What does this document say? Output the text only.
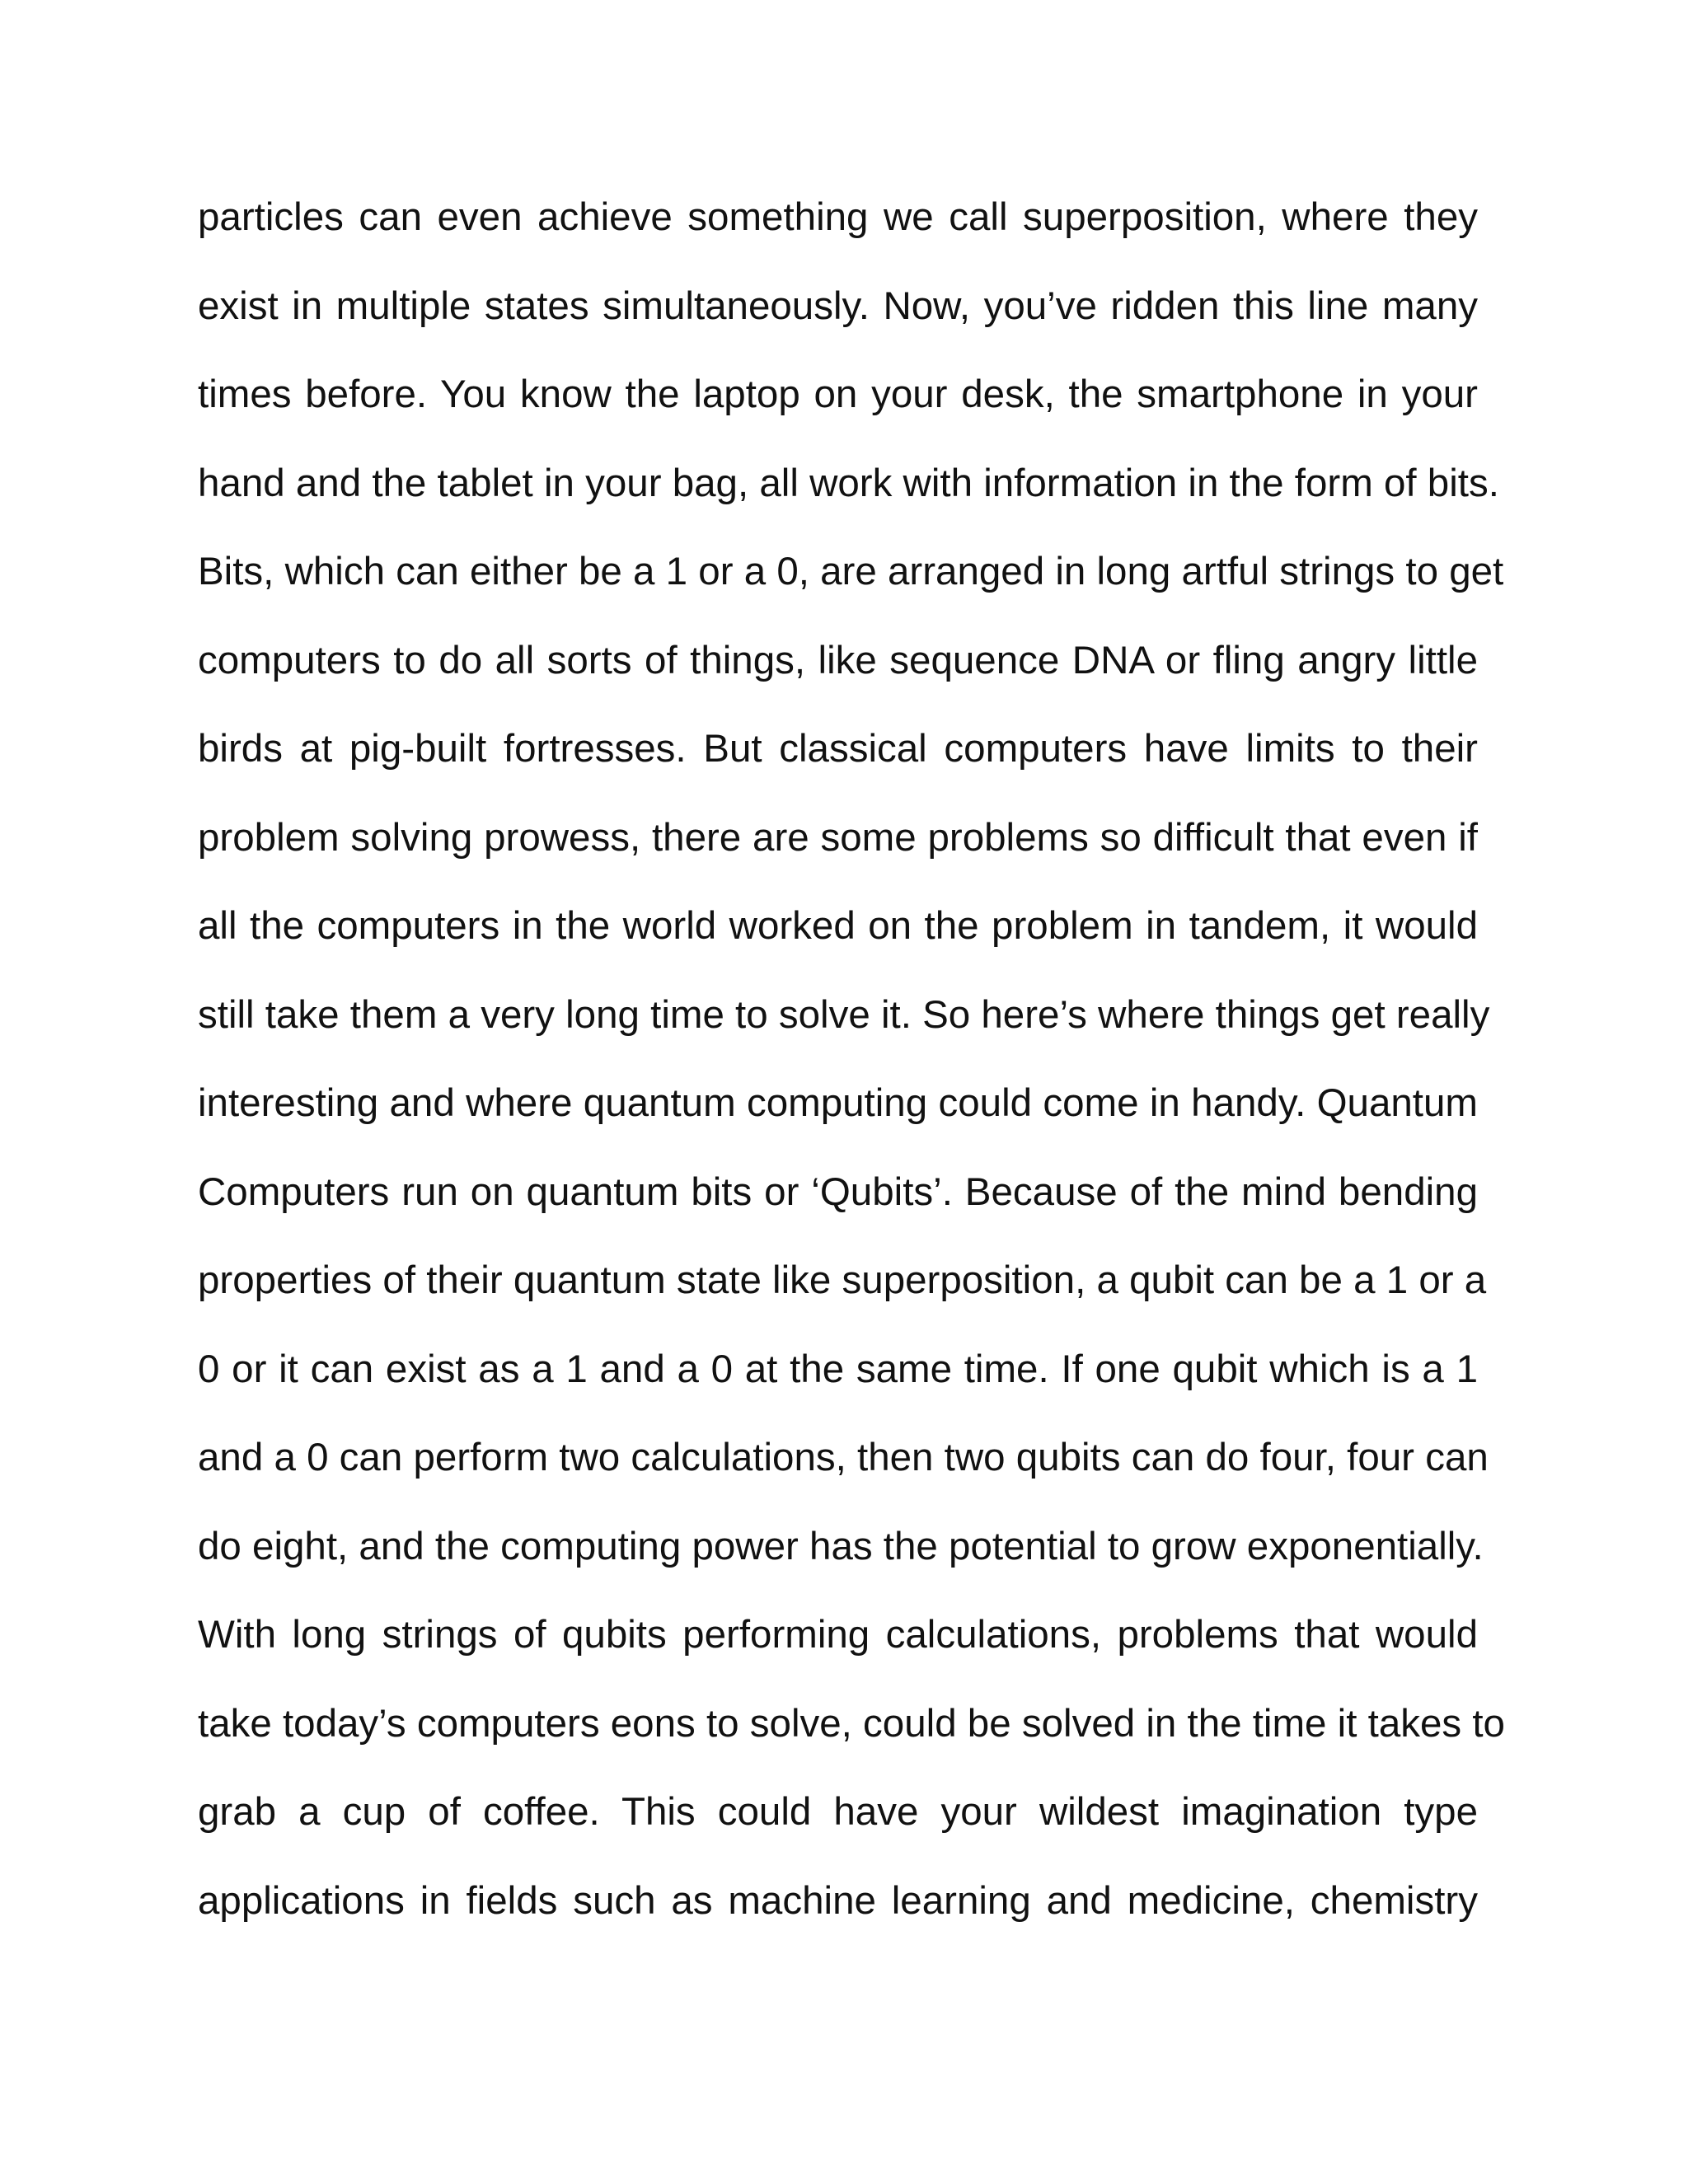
particles can even achieve something we call superposition, where they
exist in multiple states simultaneously. Now, you’ve ridden this line many
times before. You know the laptop on your desk, the smartphone in your
hand and the tablet in your bag, all work with information in the form of bits.
Bits, which can either be a 1 or a 0, are arranged in long artful strings to get
computers to do all sorts of things, like sequence DNA or fling angry little
birds at pig-built fortresses. But classical computers have limits to their
problem solving prowess, there are some problems so difficult that even if
all the computers in the world worked on the problem in tandem, it would
still take them a very long time to solve it. So here’s where things get really
interesting and where quantum computing could come in handy. Quantum
Computers run on quantum bits or ‘Qubits’. Because of the mind bending
properties of their quantum state like superposition, a qubit can be a 1 or a
0 or it can exist as a 1 and a 0 at the same time. If one qubit which is a 1
and a 0 can perform two calculations, then two qubits can do four, four can
do eight, and the computing power has the potential to grow exponentially.
With long strings of qubits performing calculations, problems that would
take today’s computers eons to solve, could be solved in the time it takes to
grab a cup of coffee. This could have your wildest imagination type
applications in fields such as machine learning and medicine, chemistry
